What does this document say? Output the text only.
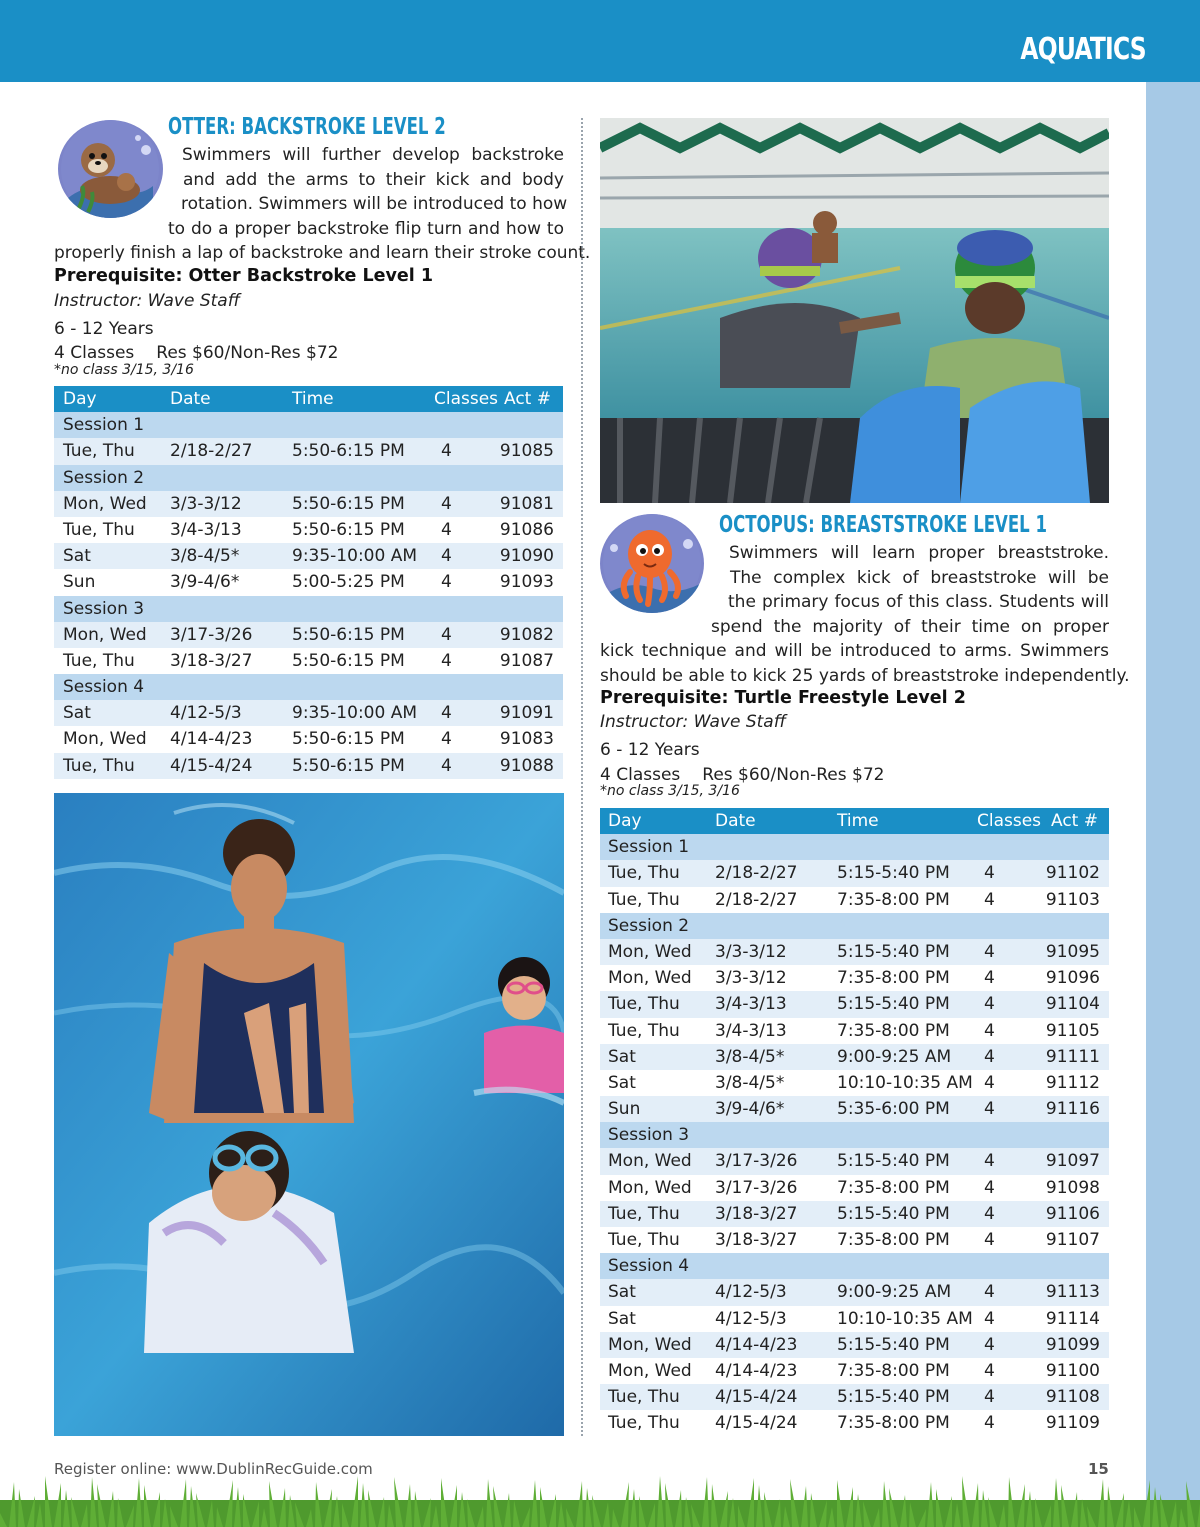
AQUATICS
OTTER: BACKSTROKE LEVEL 2
Swimmers will further develop backstroke
and add the arms to their kick and body
rotation. Swimmers will be introduced to how
to do a proper backstroke flip turn and how to
properly finish a lap of backstroke and learn their stroke count.
Prerequisite: Otter Backstroke Level 1
Instructor: Wave Staff
6 - 12 Years
4 Classes Res $60/Non-Res $72
*no class 3/15, 3/16
Day	Date	Time	Classes Act #
Session 1
Tue, Thu 2/18-2/27 5:50-6:15 PM 4	91085
Session 2
Mon, Wed 3/3-3/12	5:50-6:15 PM 4	91081
Tue, Thu 3/4-3/13	5:50-6:15 PM 4	91086
Sat	3/8-4/5*	9:35-10:00 AM 4	91090
Sun	3/9-4/6*	5:00-5:25 PM 4	91093
Session 3
Mon, Wed 3/17-3/26 5:50-6:15 PM 4	91082
Tue, Thu 3/18-3/27 5:50-6:15 PM 4	91087
Session 4
Sat	4/12-5/3	9:35-10:00 AM 4	91091
Mon, Wed 4/14-4/23 5:50-6:15 PM 4	91083
Tue, Thu 4/15-4/24 5:50-6:15 PM 4	91088
OCTOPUS: BREASTSTROKE LEVEL 1
Swimmers will learn proper breaststroke.
The complex kick of breaststroke will be
the primary focus of this class. Students will
spend the majority of their time on proper
kick technique and will be introduced to arms. Swimmers
should be able to kick 25 yards of breaststroke independently.
Prerequisite: Turtle Freestyle Level 2
Instructor: Wave Staff
6 - 12 Years
4 Classes Res $60/Non-Res $72
*no class 3/15, 3/16
Day	Date	Time	Classes Act #
Session 1
Tue, Thu 2/18-2/27 5:15-5:40 PM 4	91102
Tue, Thu 2/18-2/27 7:35-8:00 PM 4	91103
Session 2
Mon, Wed 3/3-3/12	5:15-5:40 PM 4	91095
Mon, Wed 3/3-3/12	7:35-8:00 PM 4	91096
Tue, Thu 3/4-3/13	5:15-5:40 PM 4	91104
Tue, Thu 3/4-3/13	7:35-8:00 PM 4	91105
Sat	3/8-4/5*	9:00-9:25 AM 4	91111
Sat	3/8-4/5*	10:10-10:35 AM 4	91112
Sun	3/9-4/6*	5:35-6:00 PM 4	91116
Session 3
Mon, Wed 3/17-3/26 5:15-5:40 PM 4	91097
Mon, Wed 3/17-3/26 7:35-8:00 PM 4	91098
Tue, Thu 3/18-3/27 5:15-5:40 PM 4	91106
Tue, Thu 3/18-3/27 7:35-8:00 PM 4	91107
Session 4
Sat	4/12-5/3	9:00-9:25 AM 4	91113
Sat	4/12-5/3	10:10-10:35 AM 4	91114
Mon, Wed 4/14-4/23 5:15-5:40 PM 4	91099
Mon, Wed 4/14-4/23 7:35-8:00 PM 4	91100
Tue, Thu 4/15-4/24 5:15-5:40 PM 4	91108
Tue, Thu 4/15-4/24 7:35-8:00 PM 4	91109
Register online: www.DublinRecGuide.com	15
